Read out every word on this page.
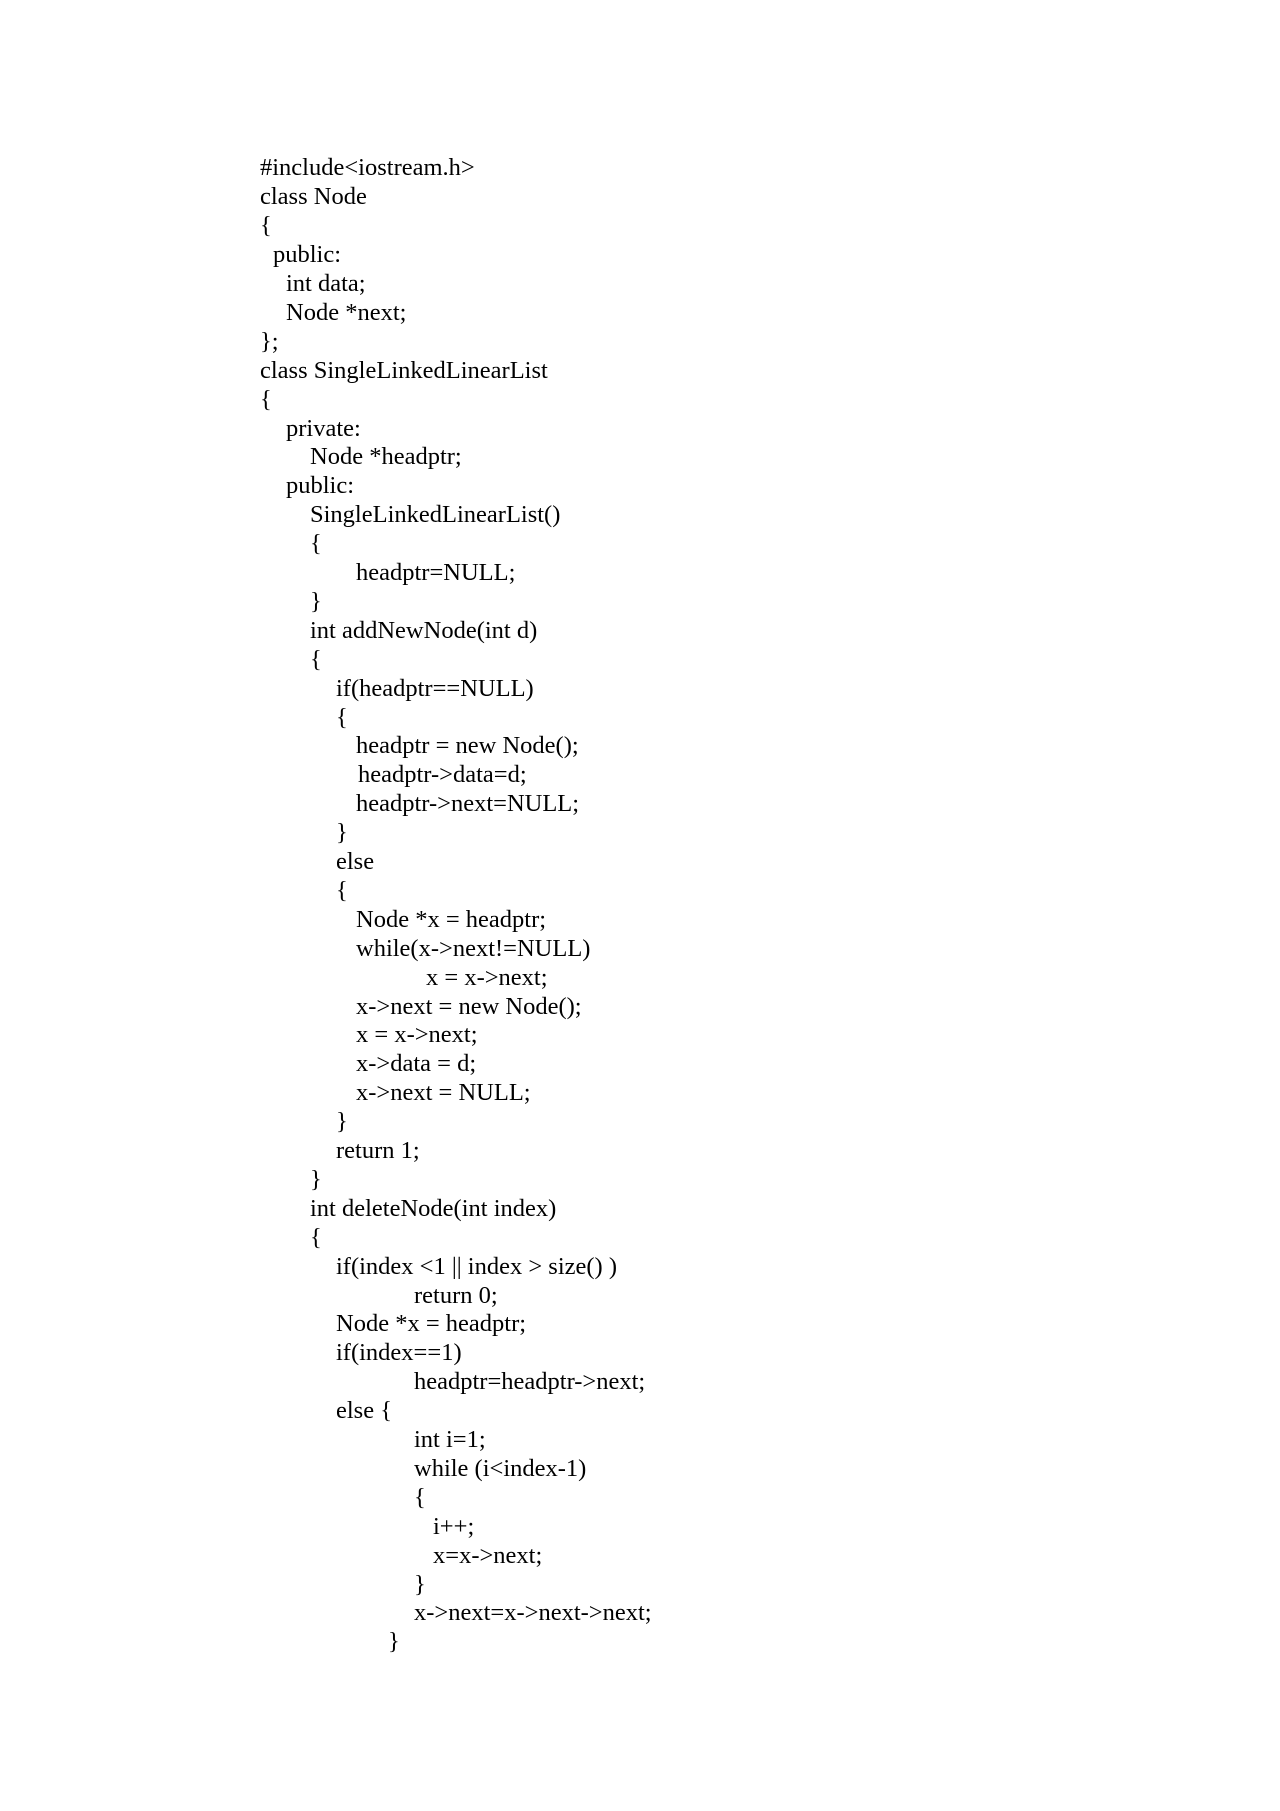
#include<iostream.h>

class Node

{

public:

int data;

Node *next;

};

class SingleLinkedLinearList

{

private:

Node *headptr;

public:

SingleLinkedLinearList()

{

headptr=NULL;

}

int addNewNode(int d)

{

if(headptr==NULL)

{

headptr = new Node();

headptr->data=d;

headptr->next=NULL;

}

else

{

Node *x = headptr;

while(x->next!=NULL)

x = x->next;

x->next = new Node();

x = x->next;

x->data = d;

x->next = NULL;

}

return 1;

}

int deleteNode(int index)

{

if(index <1 || index > size() )

return 0;

Node *x = headptr;

if(index==1)

headptr=headptr->next;

else {

int i=1;

while (i<index-1)

{

i++;

x=x->next;

}

x->next=x->next->next;

}
